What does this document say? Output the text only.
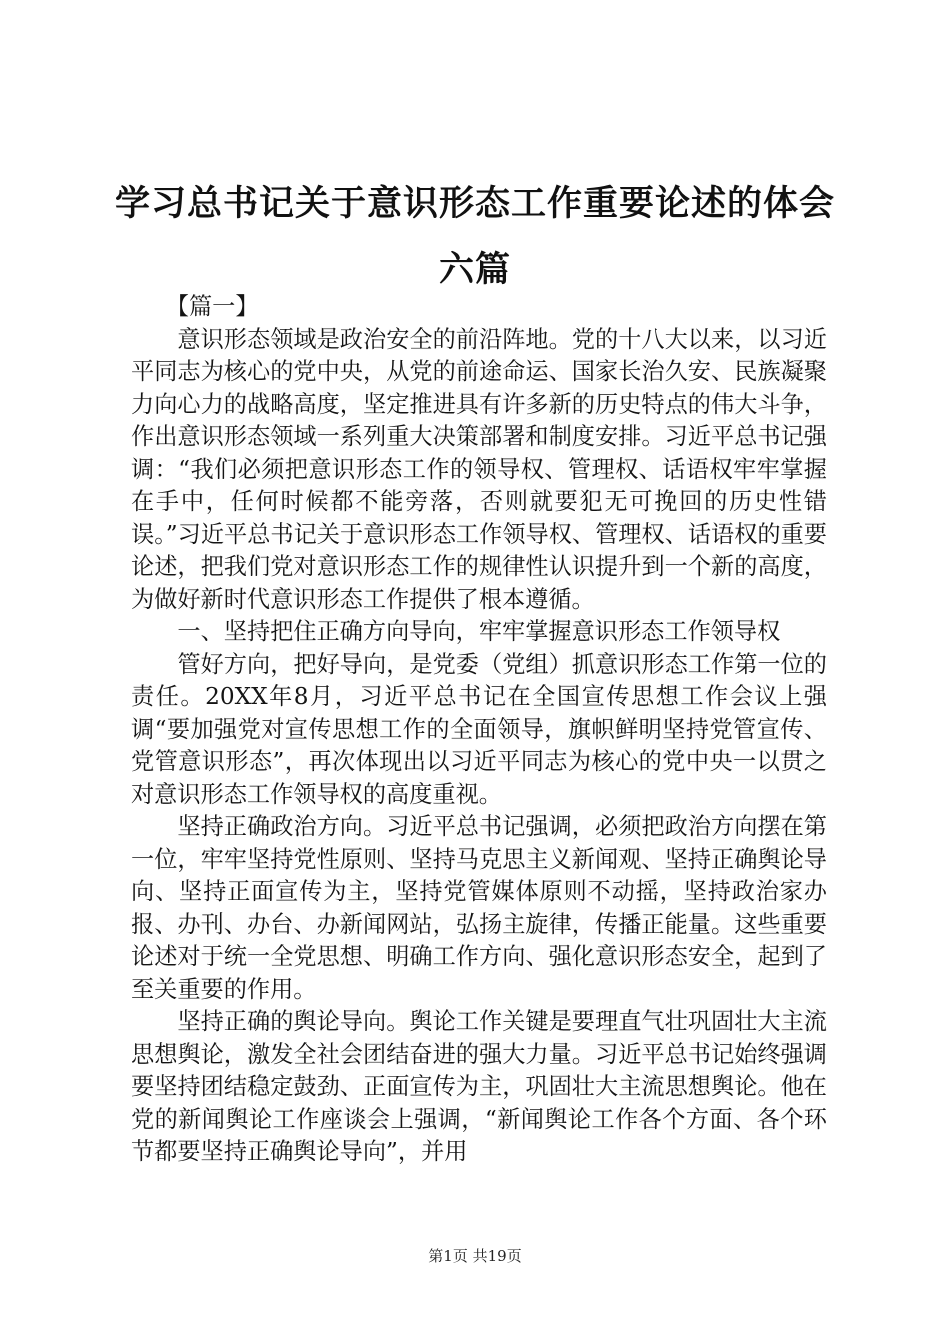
学习总书记关于意识形态工作重要论述的体会
六篇

【篇一】

意识形态领域是政治安全的前沿阵地。党的十八大以来，以习近平同志为核心的党中央，从党的前途命运、国家长治久安、民族凝聚力向心力的战略高度，坚定推进具有许多新的历史特点的伟大斗争，作出意识形态领域一系列重大决策部署和制度安排。习近平总书记强调：“我们必须把意识形态工作的领导权、管理权、话语权牢牢掌握在手中，任何时候都不能旁落，否则就要犯无可挽回的历史性错误。”习近平总书记关于意识形态工作领导权、管理权、话语权的重要论述，把我们党对意识形态工作的规律性认识提升到一个新的高度，为做好新时代意识形态工作提供了根本遵循。

一、坚持把住正确方向导向，牢牢掌握意识形态工作领导权

管好方向，把好导向，是党委（党组）抓意识形态工作第一位的责任。20XX年8月，习近平总书记在全国宣传思想工作会议上强调“要加强党对宣传思想工作的全面领导，旗帜鲜明坚持党管宣传、党管意识形态”，再次体现出以习近平同志为核心的党中央一以贯之对意识形态工作领导权的高度重视。

坚持正确政治方向。习近平总书记强调，必须把政治方向摆在第一位，牢牢坚持党性原则、坚持马克思主义新闻观、坚持正确舆论导向、坚持正面宣传为主，坚持党管媒体原则不动摇，坚持政治家办报、办刊、办台、办新闻网站，弘扬主旋律，传播正能量。这些重要论述对于统一全党思想、明确工作方向、强化意识形态安全，起到了至关重要的作用。

坚持正确的舆论导向。舆论工作关键是要理直气壮巩固壮大主流思想舆论，激发全社会团结奋进的强大力量。习近平总书记始终强调要坚持团结稳定鼓劲、正面宣传为主，巩固壮大主流思想舆论。他在党的新闻舆论工作座谈会上强调，“新闻舆论工作各个方面、各个环节都要坚持正确舆论导向”，并用

第1页 共19页
